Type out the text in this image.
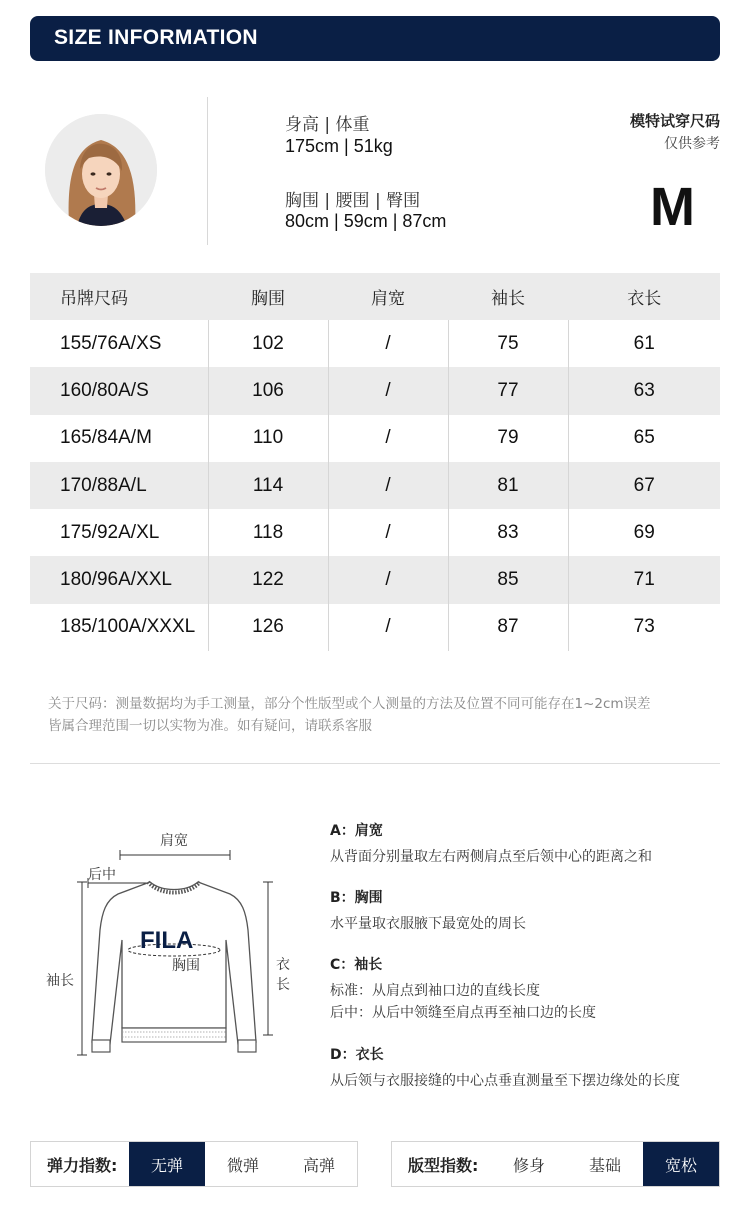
SIZE INFORMATION
身高 | 体重
175cm | 51kg
胸围 | 腰围 | 臀围
80cm | 59cm | 87cm
模特试穿尺码
仅供参考
M
吊牌尺码	胸围	肩宽	袖长	衣长
155/76A/XS	102	/	75	61
160/80A/S	106	/	77	63
165/84A/M	110	/	79	65
170/88A/L	114	/	81	67
175/92A/XL	118	/	83	69
180/96A/XXL	122	/	85	71
185/100A/XXXL	126	/	87	73
关于尺码：测量数据均为手工测量，部分个性版型或个人测量的方法及位置不同可能存在1~2cm误差
皆属合理范围一切以实物为准。如有疑问，请联系客服
FILA
肩宽
后中
胸围
袖长
衣长
A：肩宽
从背面分别量取左右两侧肩点至后领中心的距离之和
B：胸围
水平量取衣服腋下最宽处的周长
C：袖长
标准：从肩点到袖口边的直线长度
后中：从后中领缝至肩点再至袖口边的长度
D：衣长
从后领与衣服接缝的中心点垂直测量至下摆边缘处的长度
弹力指数:	无弹	微弹	高弹	版型指数:	修身	基础	宽松
